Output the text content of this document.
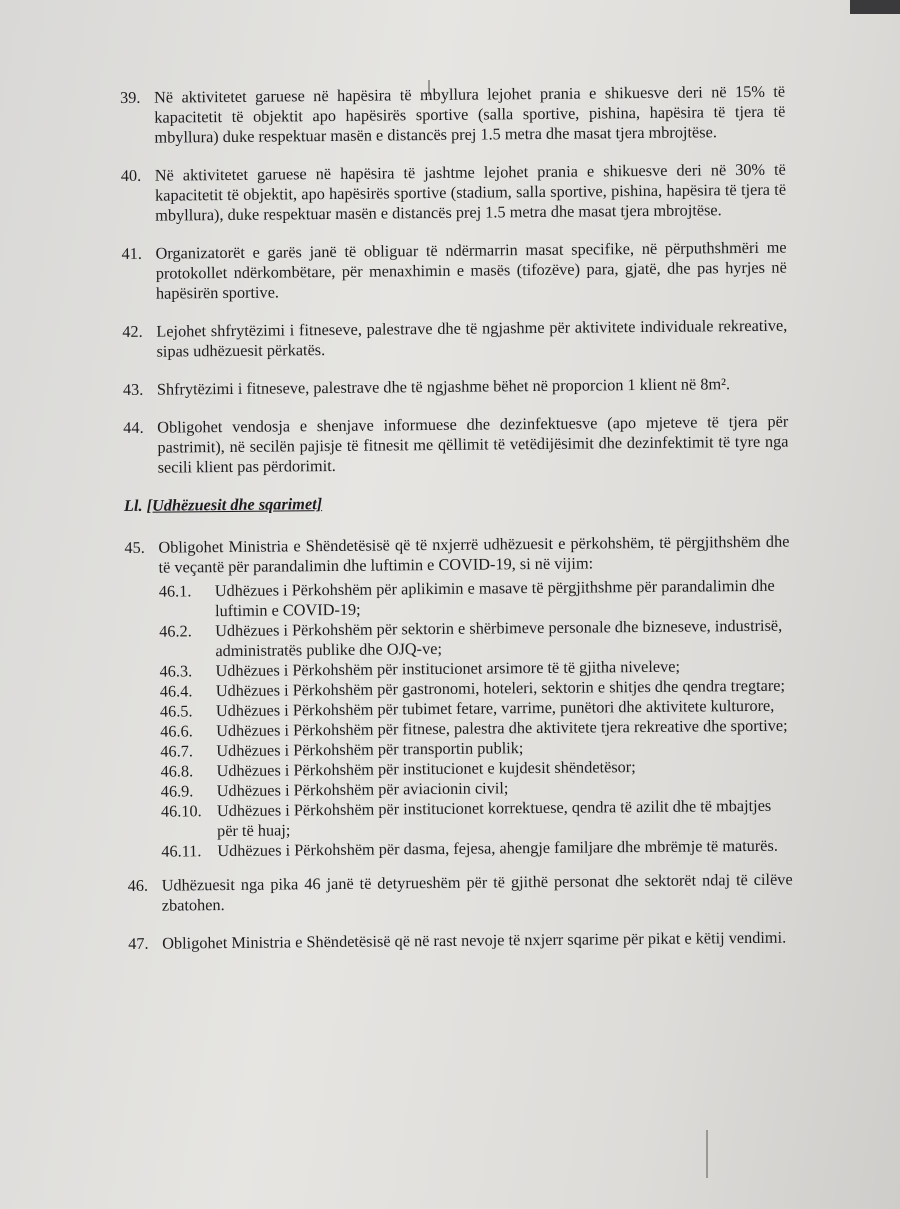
39. Në aktivitetet garuese në hapësira të mbyllura lejohet prania e shikuesve deri në 15% të kapacitetit të objektit apo hapësirës sportive (salla sportive, pishina, hapësira të tjera të mbyllura) duke respektuar masën e distancës prej 1.5 metra dhe masat tjera mbrojtëse.
40. Në aktivitetet garuese në hapësira të jashtme lejohet prania e shikuesve deri në 30% të kapacitetit të objektit, apo hapësirës sportive (stadium, salla sportive, pishina, hapësira të tjera të mbyllura), duke respektuar masën e distancës prej 1.5 metra dhe masat tjera mbrojtëse.
41. Organizatorët e garës janë të obliguar të ndërmarrin masat specifike, në përputhshmëri me protokollet ndërkombëtare, për menaxhimin e masës (tifozëve) para, gjatë, dhe pas hyrjes në hapësirën sportive.
42. Lejohet shfrytëzimi i fitneseve, palestrave dhe të ngjashme për aktivitete individuale rekreative, sipas udhëzuesit përkatës.
43. Shfrytëzimi i fitneseve, palestrave dhe të ngjashme bëhet në proporcion 1 klient në 8m².
44. Obligohet vendosja e shenjave informuese dhe dezinfektuesve (apo mjeteve të tjera për pastrimit), në secilën pajisje të fitnesit me qëllimit të vetëdijësimit dhe dezinfektimit të tyre nga secili klient pas përdorimit.
Ll. [Udhëzuesit dhe sqarimet]
45. Obligohet Ministria e Shëndetësisë që të nxjerrë udhëzuesit e përkohshëm, të përgjithshëm dhe të veçantë për parandalimin dhe luftimin e COVID-19, si në vijim:
46.1.	Udhëzues i Përkohshëm për aplikimin e masave të përgjithshme për parandalimin dhe luftimin e COVID-19;
46.2.	Udhëzues i Përkohshëm për sektorin e shërbimeve personale dhe bizneseve, industrisë, administratës publike dhe OJQ-ve;
46.3.	Udhëzues i Përkohshëm për institucionet arsimore të të gjitha niveleve;
46.4.	Udhëzues i Përkohshëm për gastronomi, hoteleri, sektorin e shitjes dhe qendra tregtare;
46.5.	Udhëzues i Përkohshëm për tubimet fetare, varrime, punëtori dhe aktivitete kulturore,
46.6.	Udhëzues i Përkohshëm për fitnese, palestra dhe aktivitete tjera rekreative dhe sportive;
46.7.	Udhëzues i Përkohshëm për transportin publik;
46.8.	Udhëzues i Përkohshëm për institucionet e kujdesit shëndetësor;
46.9.	Udhëzues i Përkohshëm për aviacionin civil;
46.10. Udhëzues i Përkohshëm për institucionet korrektuese, qendra të azilit dhe të mbajtjes për të huaj;
46.11. Udhëzues i Përkohshëm për dasma, fejesa, ahengje familjare dhe mbrëmje të maturës.
46. Udhëzuesit nga pika 46 janë të detyrueshëm për të gjithë personat dhe sektorët ndaj të cilëve zbatohen.
47. Obligohet Ministria e Shëndetësisë që në rast nevoje të nxjerr sqarime për pikat e këtij vendimi.
